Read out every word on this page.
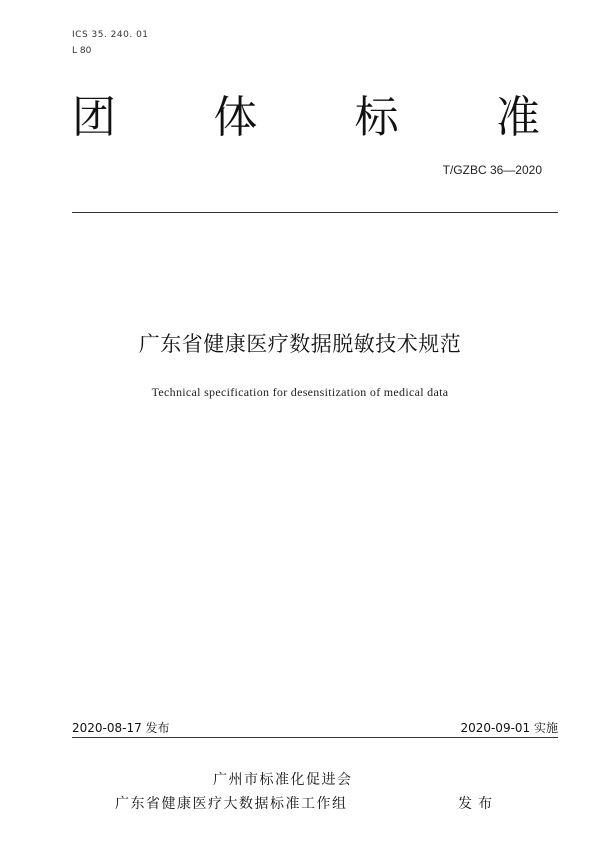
ICS 35. 240. 01
L 80
团 体 标 准
T/GZBC 36—2020
广东省健康医疗数据脱敏技术规范
Technical specification for desensitization of medical data
2020-08-17 发布	2020-09-01 实施
广州市标准化促进会
广东省健康医疗大数据标准工作组	发布
